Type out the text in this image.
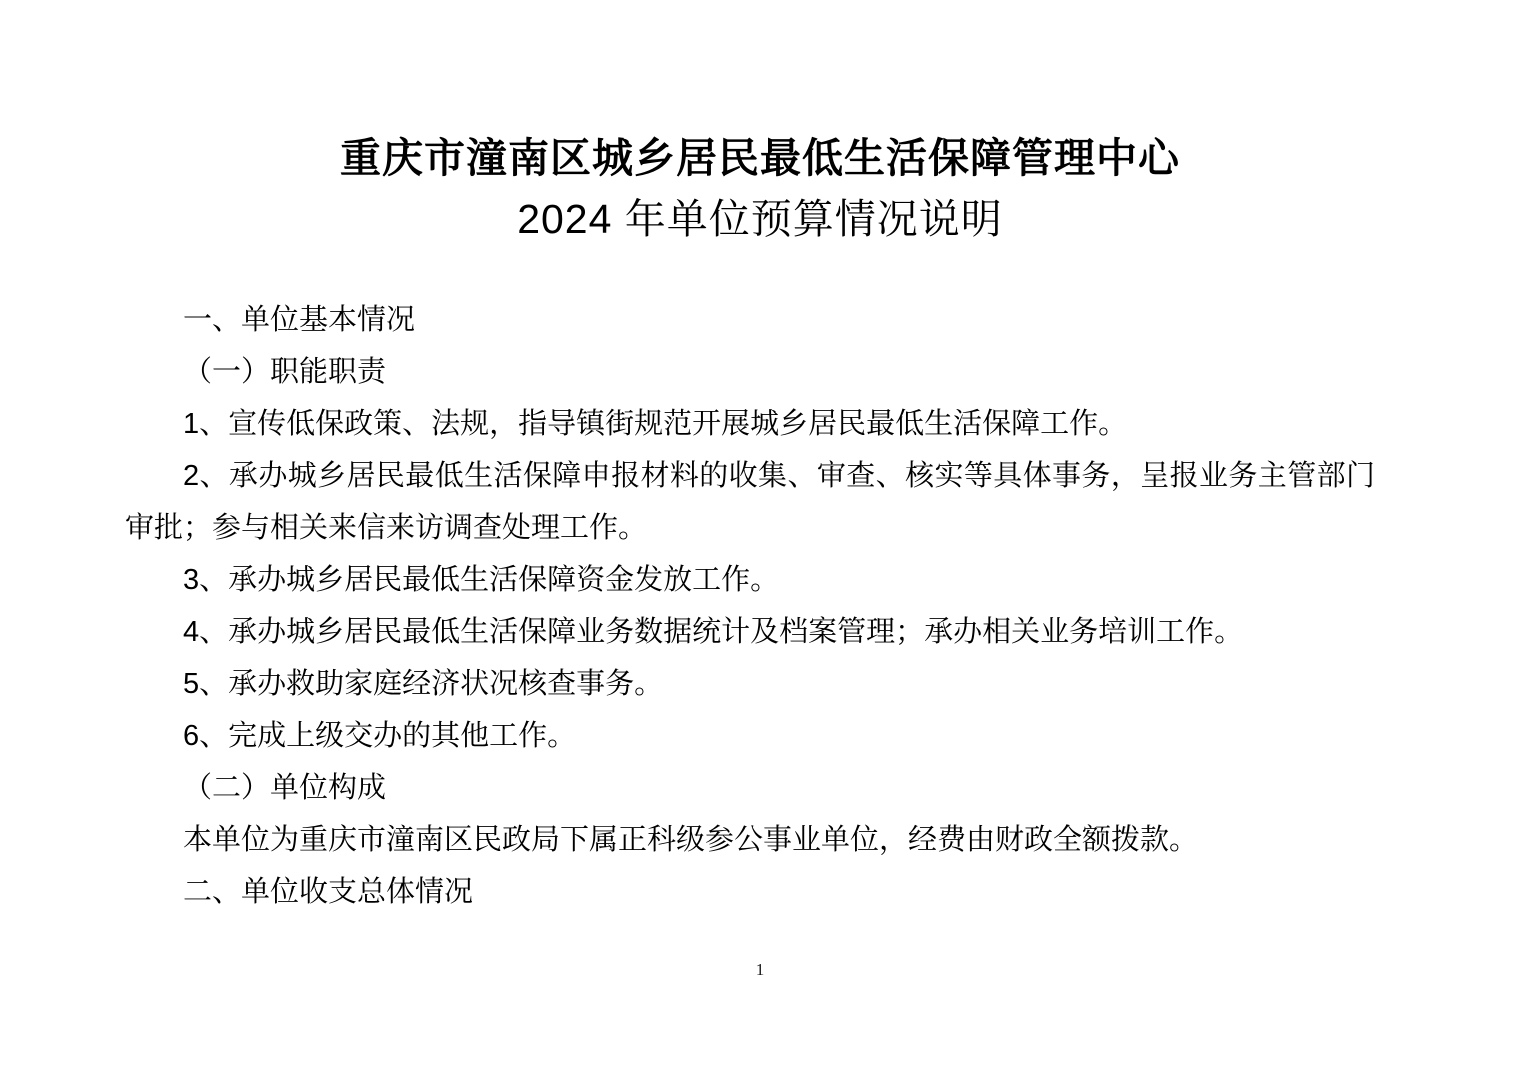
重庆市潼南区城乡居民最低生活保障管理中心
2024 年单位预算情况说明

一、单位基本情况

（一）职能职责

1、宣传低保政策、法规，指导镇街规范开展城乡居民最低生活保障工作。

2、承办城乡居民最低生活保障申报材料的收集、审查、核实等具体事务，呈报业务主管部门审批；参与相关来信来访调查处理工作。

3、承办城乡居民最低生活保障资金发放工作。

4、承办城乡居民最低生活保障业务数据统计及档案管理；承办相关业务培训工作。

5、承办救助家庭经济状况核查事务。

6、完成上级交办的其他工作。

（二）单位构成

本单位为重庆市潼南区民政局下属正科级参公事业单位，经费由财政全额拨款。

二、单位收支总体情况

1
